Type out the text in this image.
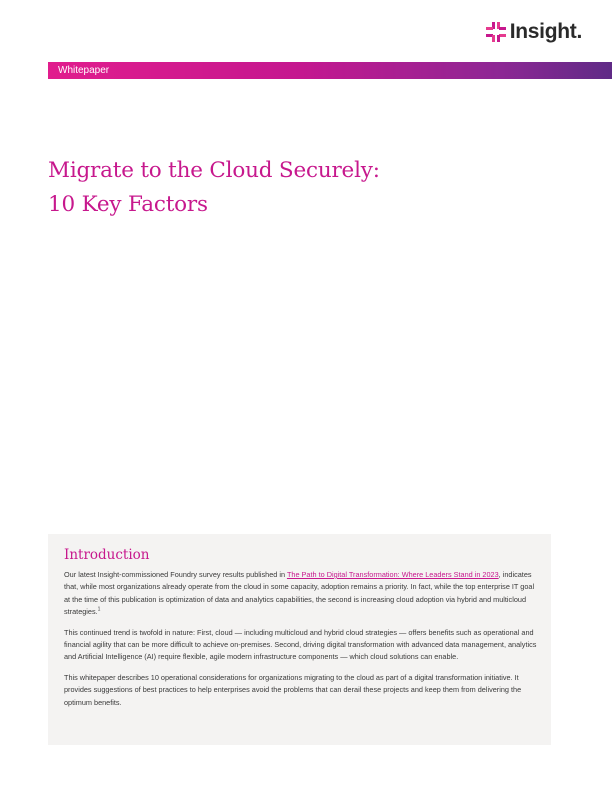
Insight.
Whitepaper
Migrate to the Cloud Securely:
10 Key Factors
Introduction

Our latest Insight-commissioned Foundry survey results published in The Path to Digital Transformation: Where Leaders Stand in 2023, indicates that, while most organizations already operate from the cloud in some capacity, adoption remains a priority. In fact, while the top enterprise IT goal at the time of this publication is optimization of data and analytics capabilities, the second is increasing cloud adoption via hybrid and multicloud strategies.$^1$

This continued trend is twofold in nature: First, cloud — including multicloud and hybrid cloud strategies — offers benefits such as operational and financial agility that can be more difficult to achieve on-premises. Second, driving digital transformation with advanced data management, analytics and Artificial Intelligence (AI) require flexible, agile modern infrastructure components — which cloud solutions can enable.

This whitepaper describes 10 operational considerations for organizations migrating to the cloud as part of a digital transformation initiative. It provides suggestions of best practices to help enterprises avoid the problems that can derail these projects and keep them from delivering the optimum benefits.
